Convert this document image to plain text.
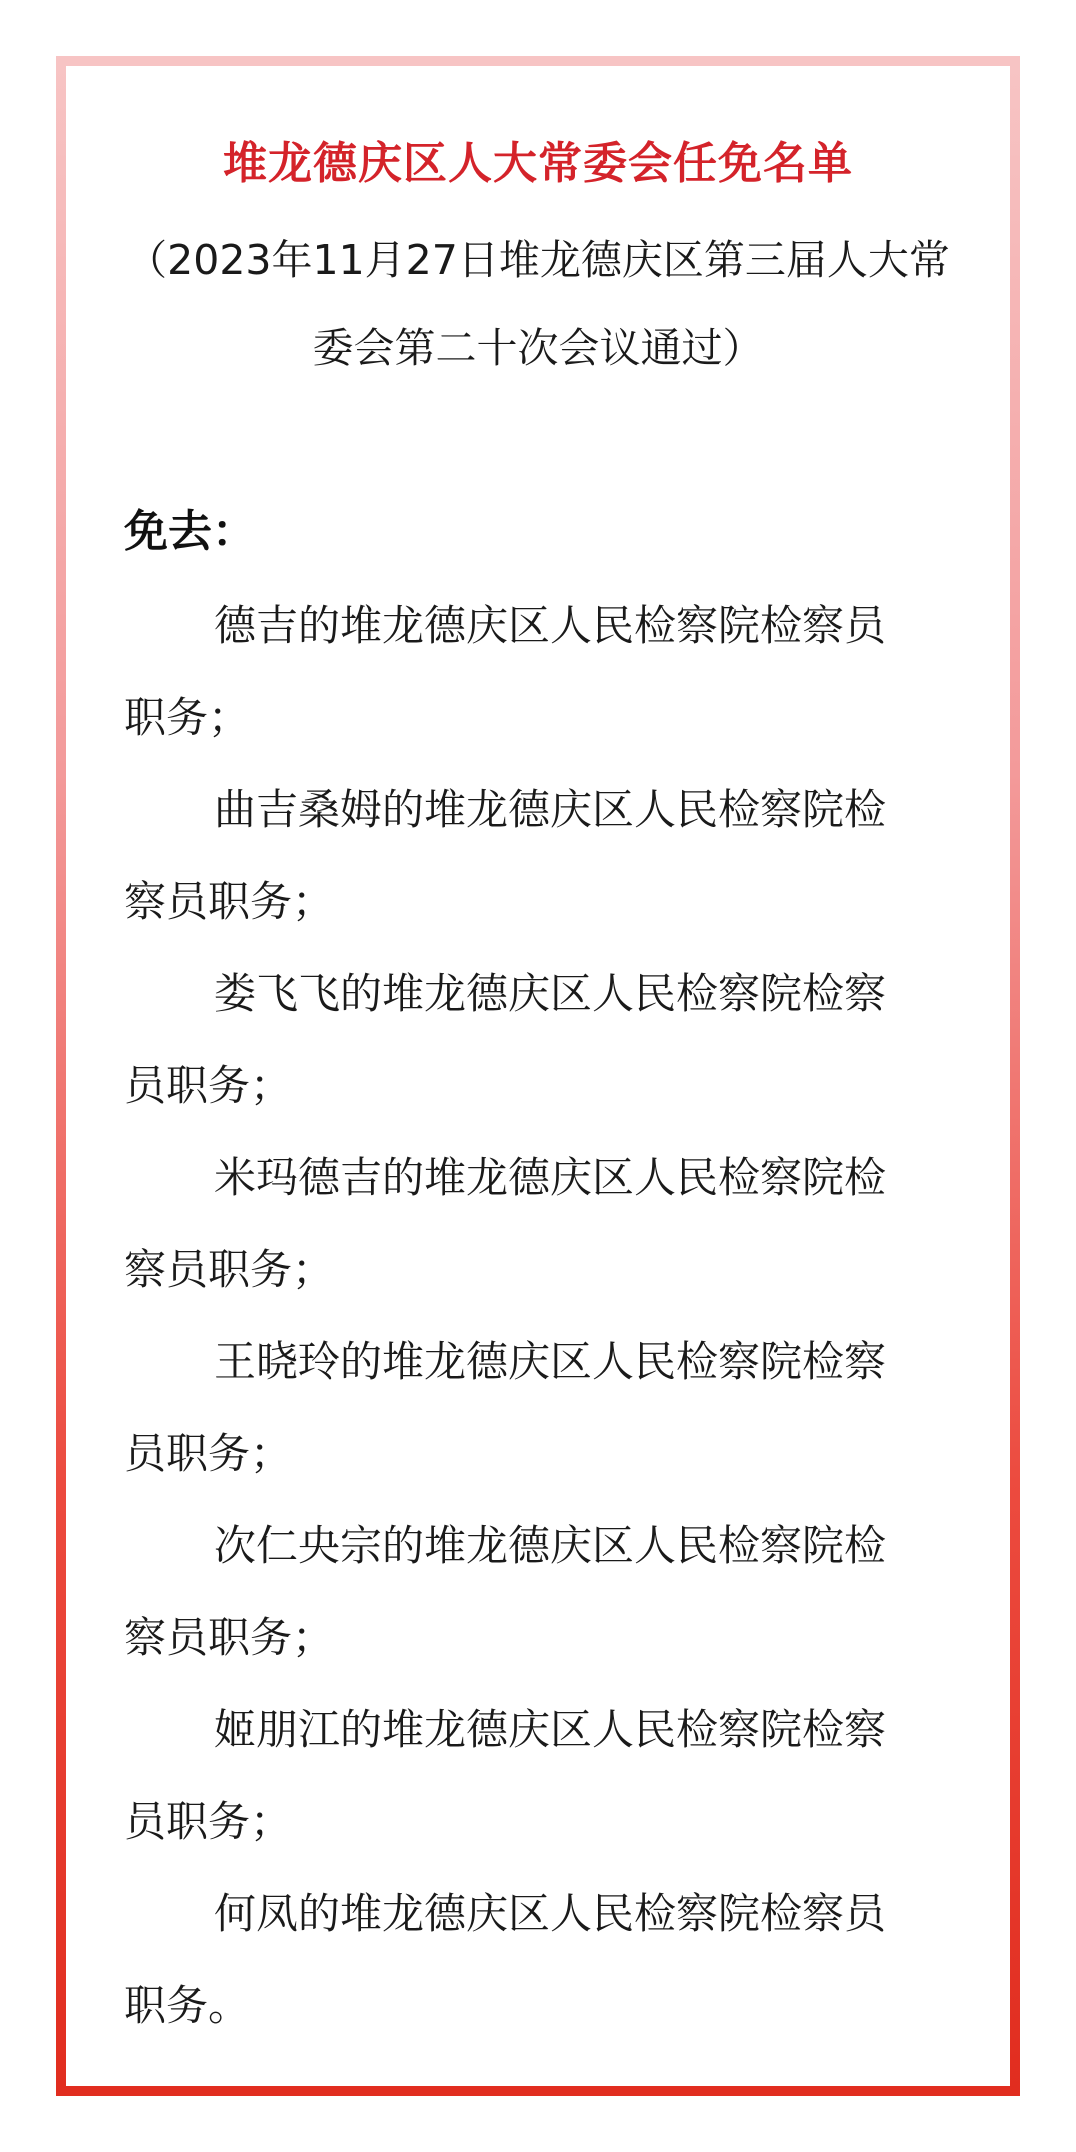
堆龙德庆区人大常委会任免名单
（2023年11月27日堆龙德庆区第三届人大常
委会第二十次会议通过）
免去：
德吉的堆龙德庆区人民检察院检察员
职务；
曲吉桑姆的堆龙德庆区人民检察院检
察员职务；
娄飞飞的堆龙德庆区人民检察院检察
员职务；
米玛德吉的堆龙德庆区人民检察院检
察员职务；
王晓玲的堆龙德庆区人民检察院检察
员职务；
次仁央宗的堆龙德庆区人民检察院检
察员职务；
姬朋江的堆龙德庆区人民检察院检察
员职务；
何凤的堆龙德庆区人民检察院检察员
职务。
